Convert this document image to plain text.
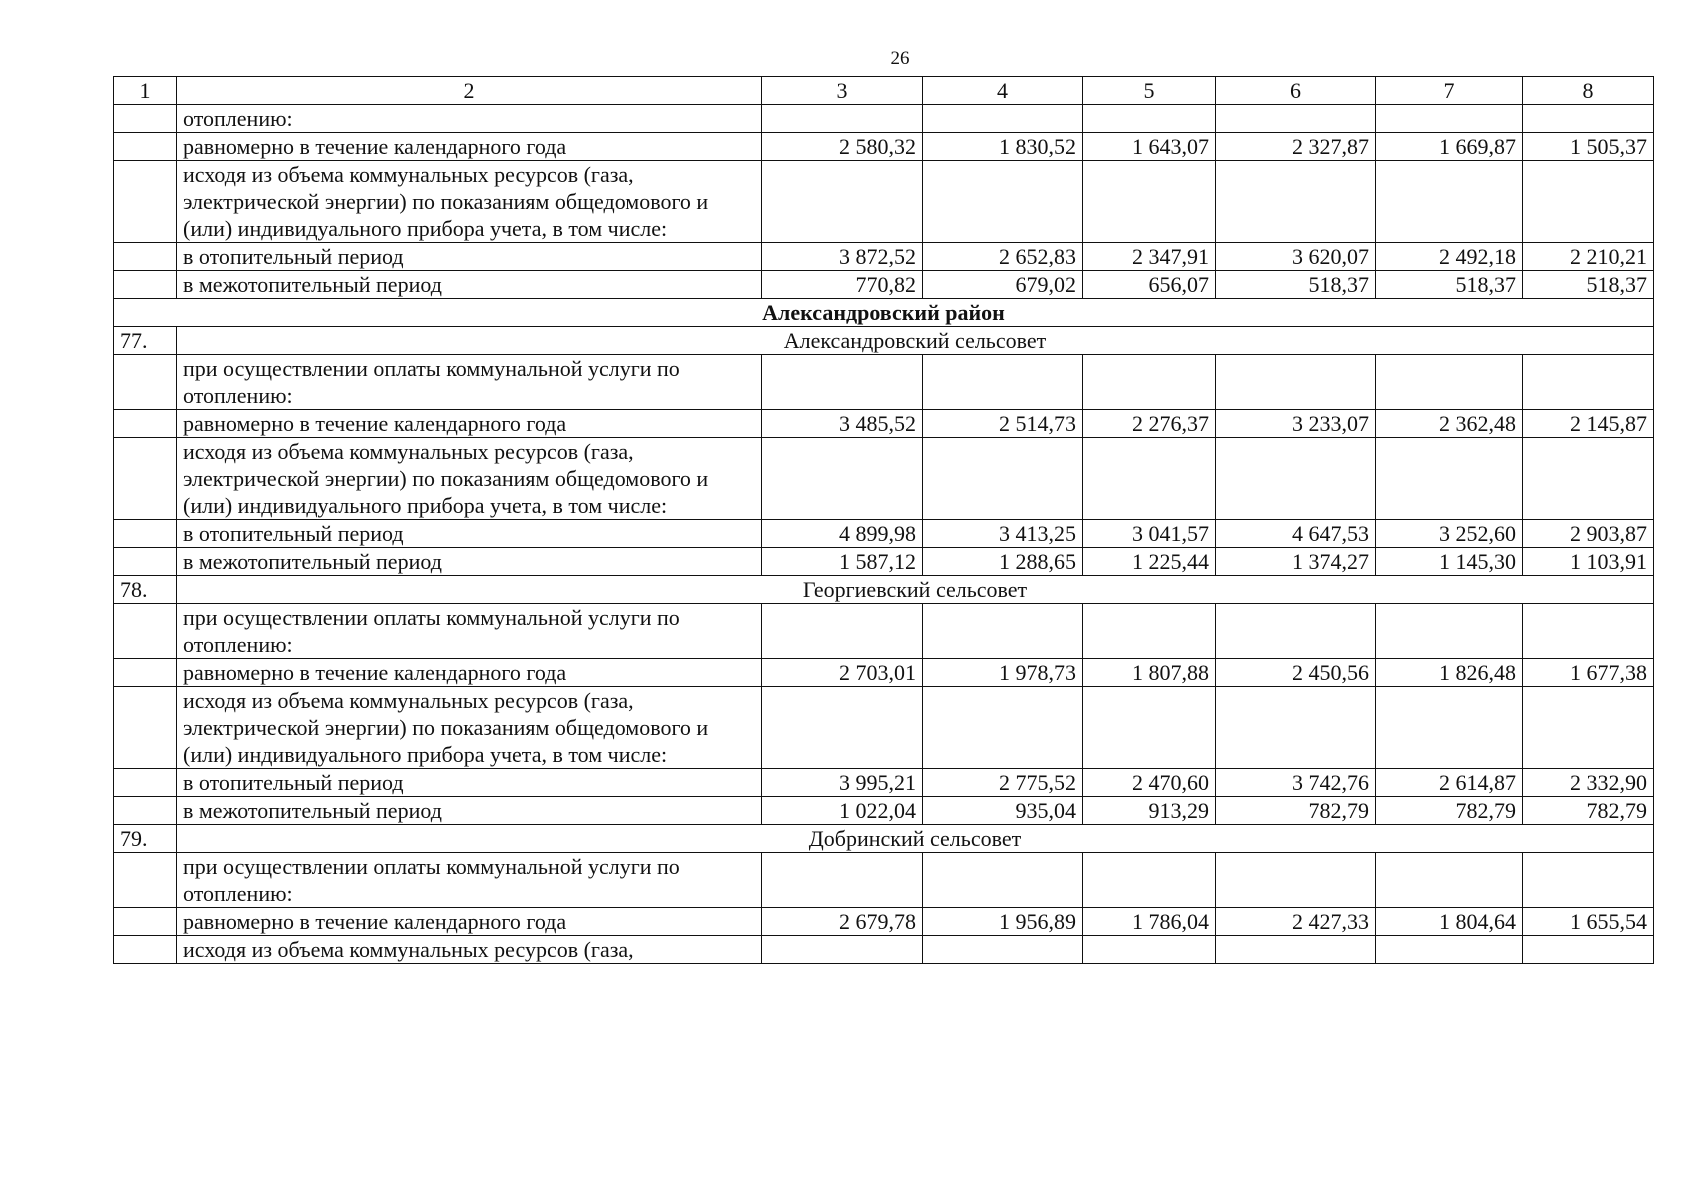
26
1	2	3	4	5	6	7	8
	отоплению:						
	равномерно в течение календарного года	2 580,32	1 830,52	1 643,07	2 327,87	1 669,87	1 505,37
	исходя из объема коммунальных ресурсов (газа, электрической энергии) по показаниям общедомового и (или) индивидуального прибора учета, в том числе:						
	в отопительный период	3 872,52	2 652,83	2 347,91	3 620,07	2 492,18	2 210,21
	в межотопительный период	770,82	679,02	656,07	518,37	518,37	518,37
Александровский район							
77.	Александровский сельсовет						
	при осуществлении оплаты коммунальной услуги по отоплению:						
	равномерно в течение календарного года	3 485,52	2 514,73	2 276,37	3 233,07	2 362,48	2 145,87
	исходя из объема коммунальных ресурсов (газа, электрической энергии) по показаниям общедомового и (или) индивидуального прибора учета, в том числе:						
	в отопительный период	4 899,98	3 413,25	3 041,57	4 647,53	3 252,60	2 903,87
	в межотопительный период	1 587,12	1 288,65	1 225,44	1 374,27	1 145,30	1 103,91
78.	Георгиевский сельсовет						
	при осуществлении оплаты коммунальной услуги по отоплению:						
	равномерно в течение календарного года	2 703,01	1 978,73	1 807,88	2 450,56	1 826,48	1 677,38
	исходя из объема коммунальных ресурсов (газа, электрической энергии) по показаниям общедомового и (или) индивидуального прибора учета, в том числе:						
	в отопительный период	3 995,21	2 775,52	2 470,60	3 742,76	2 614,87	2 332,90
	в межотопительный период	1 022,04	935,04	913,29	782,79	782,79	782,79
79.	Добринский сельсовет						
	при осуществлении оплаты коммунальной услуги по отоплению:						
	равномерно в течение календарного года	2 679,78	1 956,89	1 786,04	2 427,33	1 804,64	1 655,54
	исходя из объема коммунальных ресурсов (газа,						
